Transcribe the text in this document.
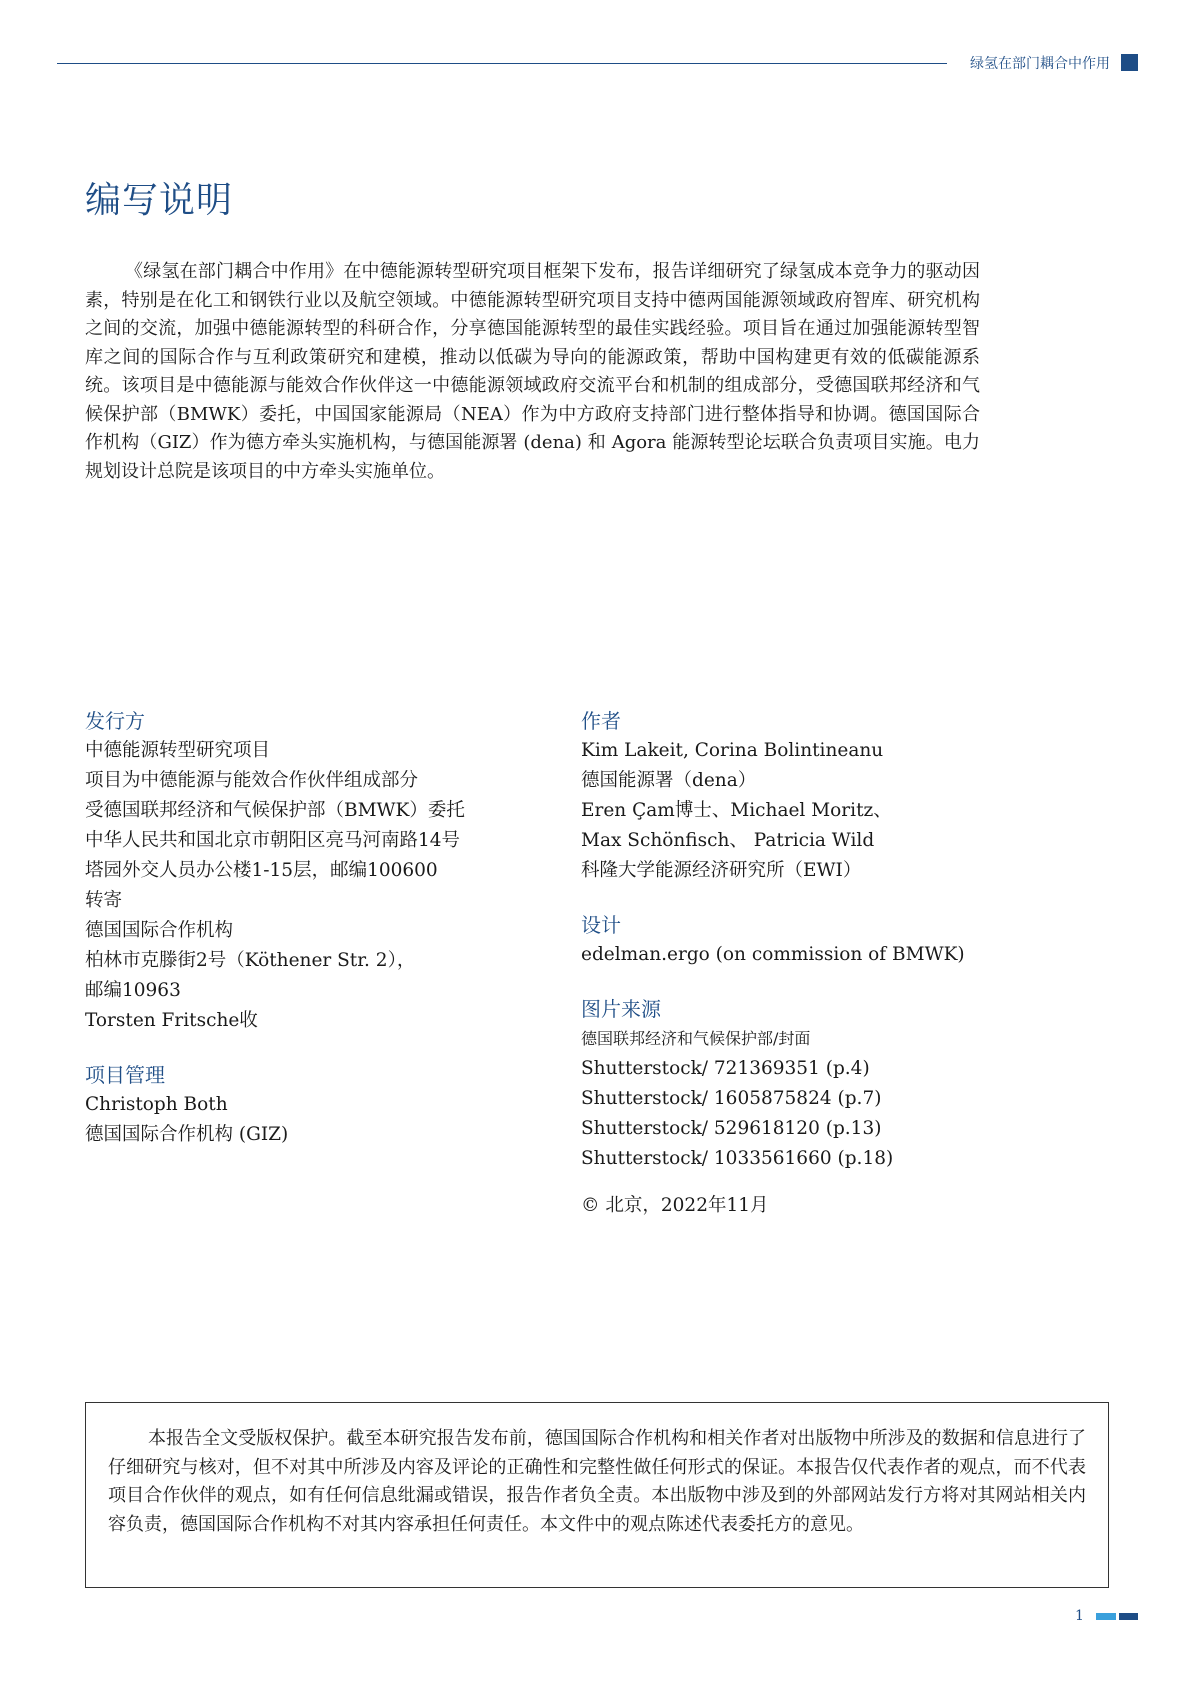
绿氢在部门耦合中作用
编写说明

《绿氢在部门耦合中作用》在中德能源转型研究项目框架下发布，报告详细研究了绿氢成本竞争力的驱动因素，特别是在化工和钢铁行业以及航空领域。中德能源转型研究项目支持中德两国能源领域政府智库、研究机构之间的交流，加强中德能源转型的科研合作，分享德国能源转型的最佳实践经验。项目旨在通过加强能源转型智库之间的国际合作与互利政策研究和建模，推动以低碳为导向的能源政策，帮助中国构建更有效的低碳能源系统。该项目是中德能源与能效合作伙伴这一中德能源领域政府交流平台和机制的组成部分，受德国联邦经济和气候保护部（BMWK）委托，中国国家能源局（NEA）作为中方政府支持部门进行整体指导和协调。德国国际合作机构（GIZ）作为德方牵头实施机构，与德国能源署 (dena) 和 Agora 能源转型论坛联合负责项目实施。电力规划设计总院是该项目的中方牵头实施单位。

发行方

中德能源转型研究项目

项目为中德能源与能效合作伙伴组成部分

受德国联邦经济和气候保护部（BMWK）委托

中华人民共和国北京市朝阳区亮马河南路14号

塔园外交人员办公楼1-15层，邮编100600

转寄

德国国际合作机构

柏林市克滕街2号（Köthener Str. 2），

邮编10963

Torsten Fritsche收

项目管理

Christoph Both

德国国际合作机构 (GIZ)

作者

Kim Lakeit, Corina Bolintineanu

德国能源署（dena）

Eren Çam博士、Michael Moritz、

Max Schönfisch、 Patricia Wild

科隆大学能源经济研究所（EWI）

设计

edelman.ergo (on commission of BMWK)

图片来源

德国联邦经济和气候保护部/封面

Shutterstock/ 721369351 (p.4)

Shutterstock/ 1605875824 (p.7)

Shutterstock/ 529618120 (p.13)

Shutterstock/ 1033561660 (p.18)

© 北京，2022年11月

本报告全文受版权保护。截至本研究报告发布前，德国国际合作机构和相关作者对出版物中所涉及的数据和信息进行了仔细研究与核对，但不对其中所涉及内容及评论的正确性和完整性做任何形式的保证。本报告仅代表作者的观点，而不代表项目合作伙伴的观点，如有任何信息纰漏或错误，报告作者负全责。本出版物中涉及到的外部网站发行方将对其网站相关内容负责，德国国际合作机构不对其内容承担任何责任。本文件中的观点陈述代表委托方的意见。

1
